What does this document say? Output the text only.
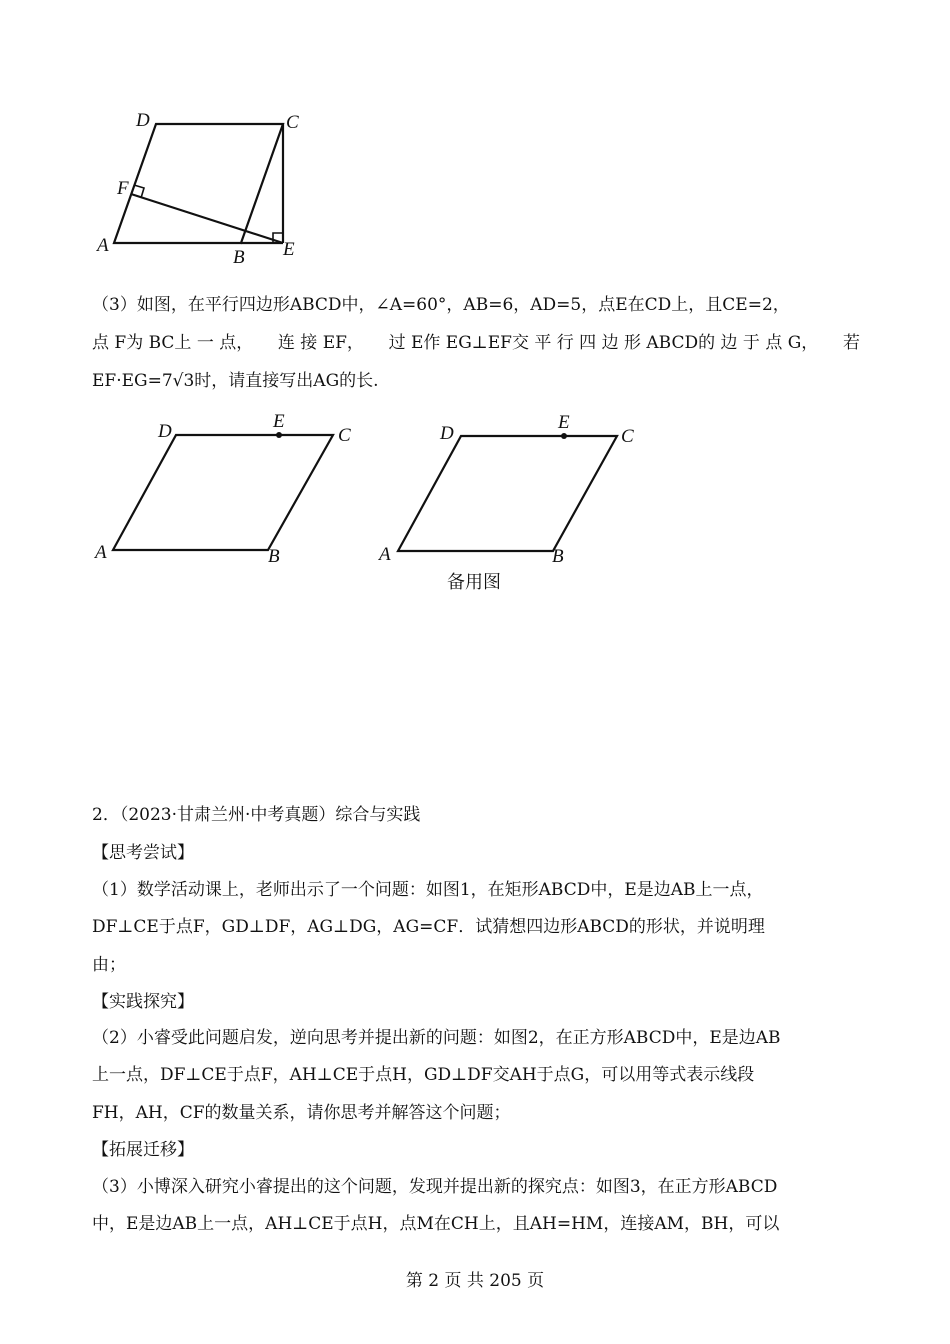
D	C
F
A
B E
（3）如图，在平行四边形ABCD中，∠A=60°，AB=6，AD=5，点E在CD上，且CE=2，
点 F为 BC上 一 点， 连 接 EF， 过 E作 EG⊥EF交 平 行 四 边 形 ABCD的 边 于 点 G， 若
EF·EG=7√3时，请直接写出AG的长.
D	E
C
A	B
D
E
C
A	B
备用图
2．（2023·甘肃兰州·中考真题）综合与实践
【思考尝试】
（1）数学活动课上，老师出示了一个问题：如图1，在矩形ABCD中，E是边AB上一点，
DF⊥CE于点F，GD⊥DF，AG⊥DG，AG=CF．试猜想四边形ABCD的形状，并说明理
由；
【实践探究】
（2）小睿受此问题启发，逆向思考并提出新的问题：如图2，在正方形ABCD中，E是边AB
上一点，DF⊥CE于点F，AH⊥CE于点H，GD⊥DF交AH于点G，可以用等式表示线段
FH，AH，CF的数量关系，请你思考并解答这个问题；
【拓展迁移】
（3）小博深入研究小睿提出的这个问题，发现并提出新的探究点：如图3，在正方形ABCD
中，E是边AB上一点，AH⊥CE于点H，点M在CH上，且AH=HM，连接AM，BH，可以
第 2 页 共 205 页
